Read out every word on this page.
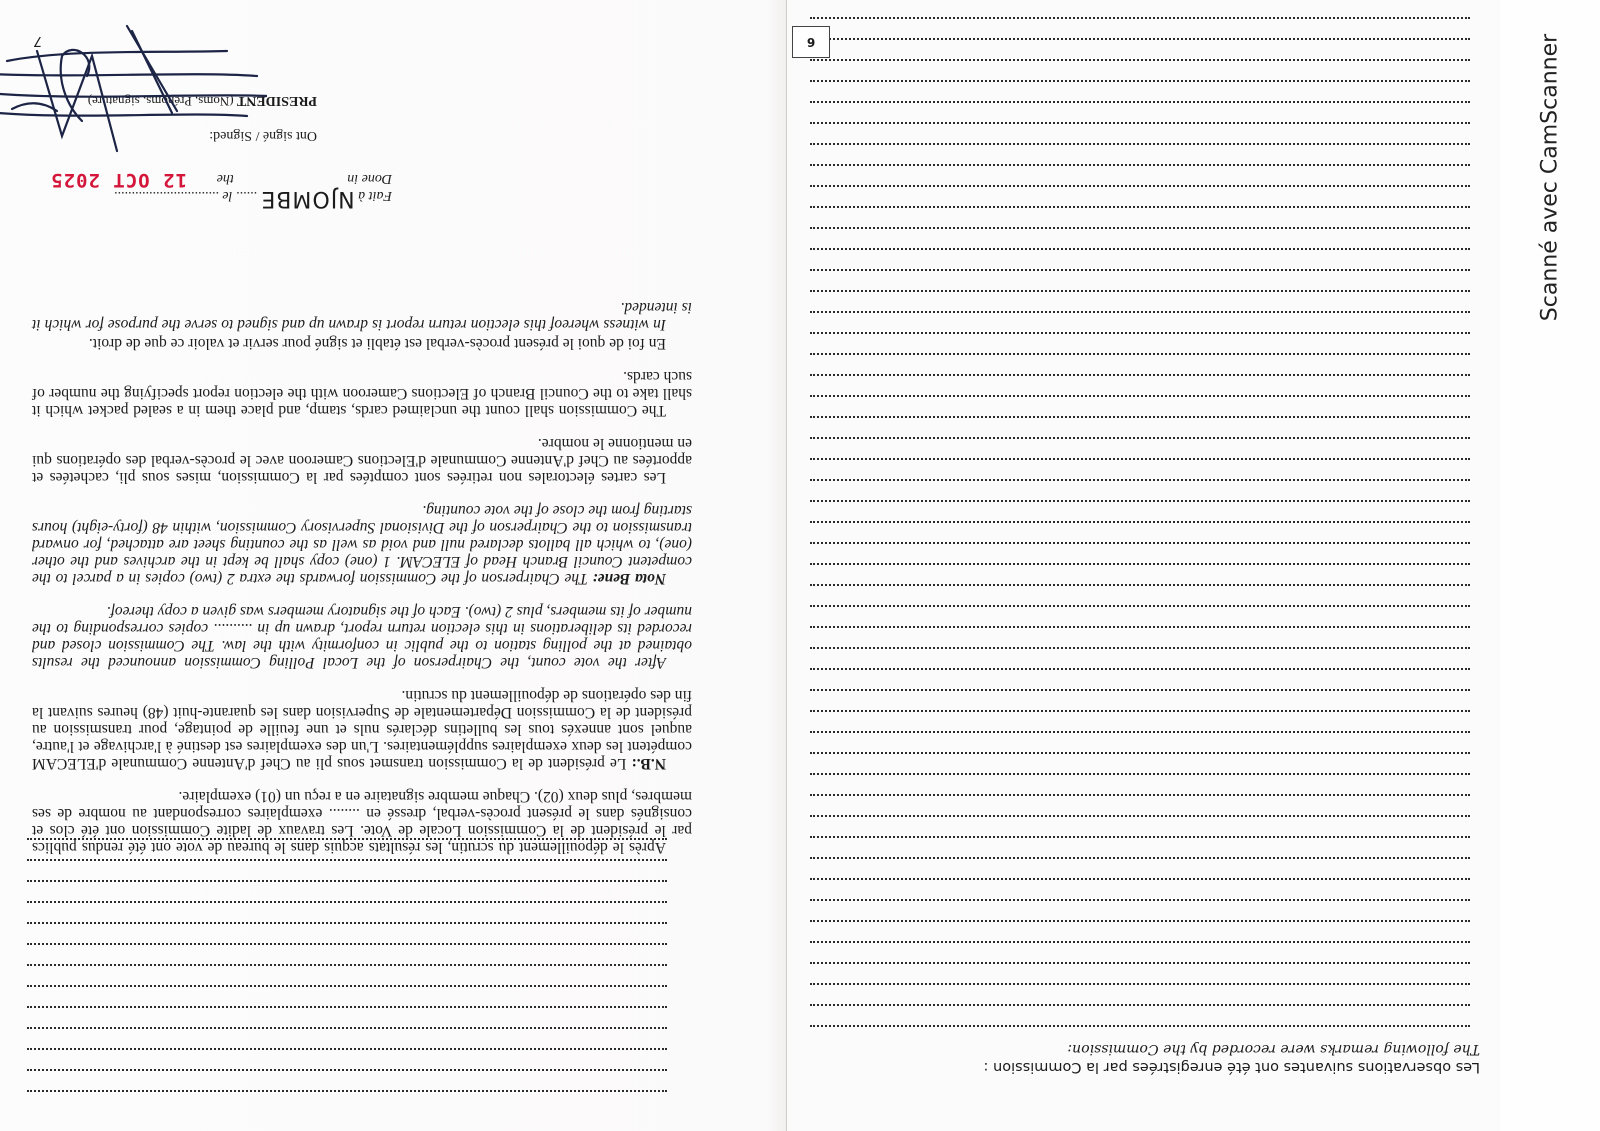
7

Après le dépouillement du scrutin, les résultats acquis dans le bureau de vote ont été rendus publics par le président de la Commission Locale de Vote. Les travaux de ladite Commission ont été clos et consignés dans le présent procès-verbal, dressé en ........ exemplaires correspondant au nombre de ses membres, plus deux (02). Chaque membre signataire en a reçu un (01) exemplaire.

N.B.: Le président de la Commission transmet sous pli au Chef d'Antenne Communale d'ELECAM compétent les deux exemplaires supplémentaires. L'un des exemplaires est destiné à l'archivage et l'autre, auquel sont annexés tous les bulletins déclarés nuls et une feuille de pointage, pour transmission au président de la Commission Départementale de Supervision dans les quarante-huit (48) heures suivant la fin des opérations de dépouillement du scrutin.

After the vote count, the Chairperson of the Local Polling Commission announced the results obtained at the polling station to the public in conformity with the law. The Commission closed and recorded its deliberations in this election return report, drawn up in .......... copies corresponding to the number of its members, plus 2 (two). Each of the signatory members was given a copy thereof.

Nota Bene: The Chairperson of the Commission forwards the extra 2 (two) copies in a parcel to the competent Council Branch Head of ELECAM. 1 (one) copy shall be kept in the archives and the other (one), to which all ballots declared null and void as well as the counting sheet are attached, for onward transmission to the Chairperson of the Divisional Supervisory Commission, within 48 (forty-eight) hours starting from the close of the vote counting.

Les cartes électorales non retirées sont comptées par la Commission, mises sous pli, cachetées et apportées au Chef d'Antenne Communale d'Elections Cameroon avec le procès-verbal des opérations qui en mentionne le nombre.

The Commission shall count the unclaimed cards, stamp, and place them in a sealed packet which it shall take to the Council Branch of Elections Cameroon with the election report specifying the number of such cards.

En foi de quoi le présent procès-verbal est établi et signé pour servir et valoir ce que de droit.

In witness whereof this election return report is drawn up and signed to serve the purpose for which it is intended.

Fait à NJOMBE ...... le ..............................
Done in the
12 OCT 2025
Ont signé / Signed:
PRESIDENT (Noms, Prénoms, signature)
Les observations suivantes ont été enregistrées par la Commission :
The following remarks were recorded by the Commission:
6	Scanné avec CamScanner
